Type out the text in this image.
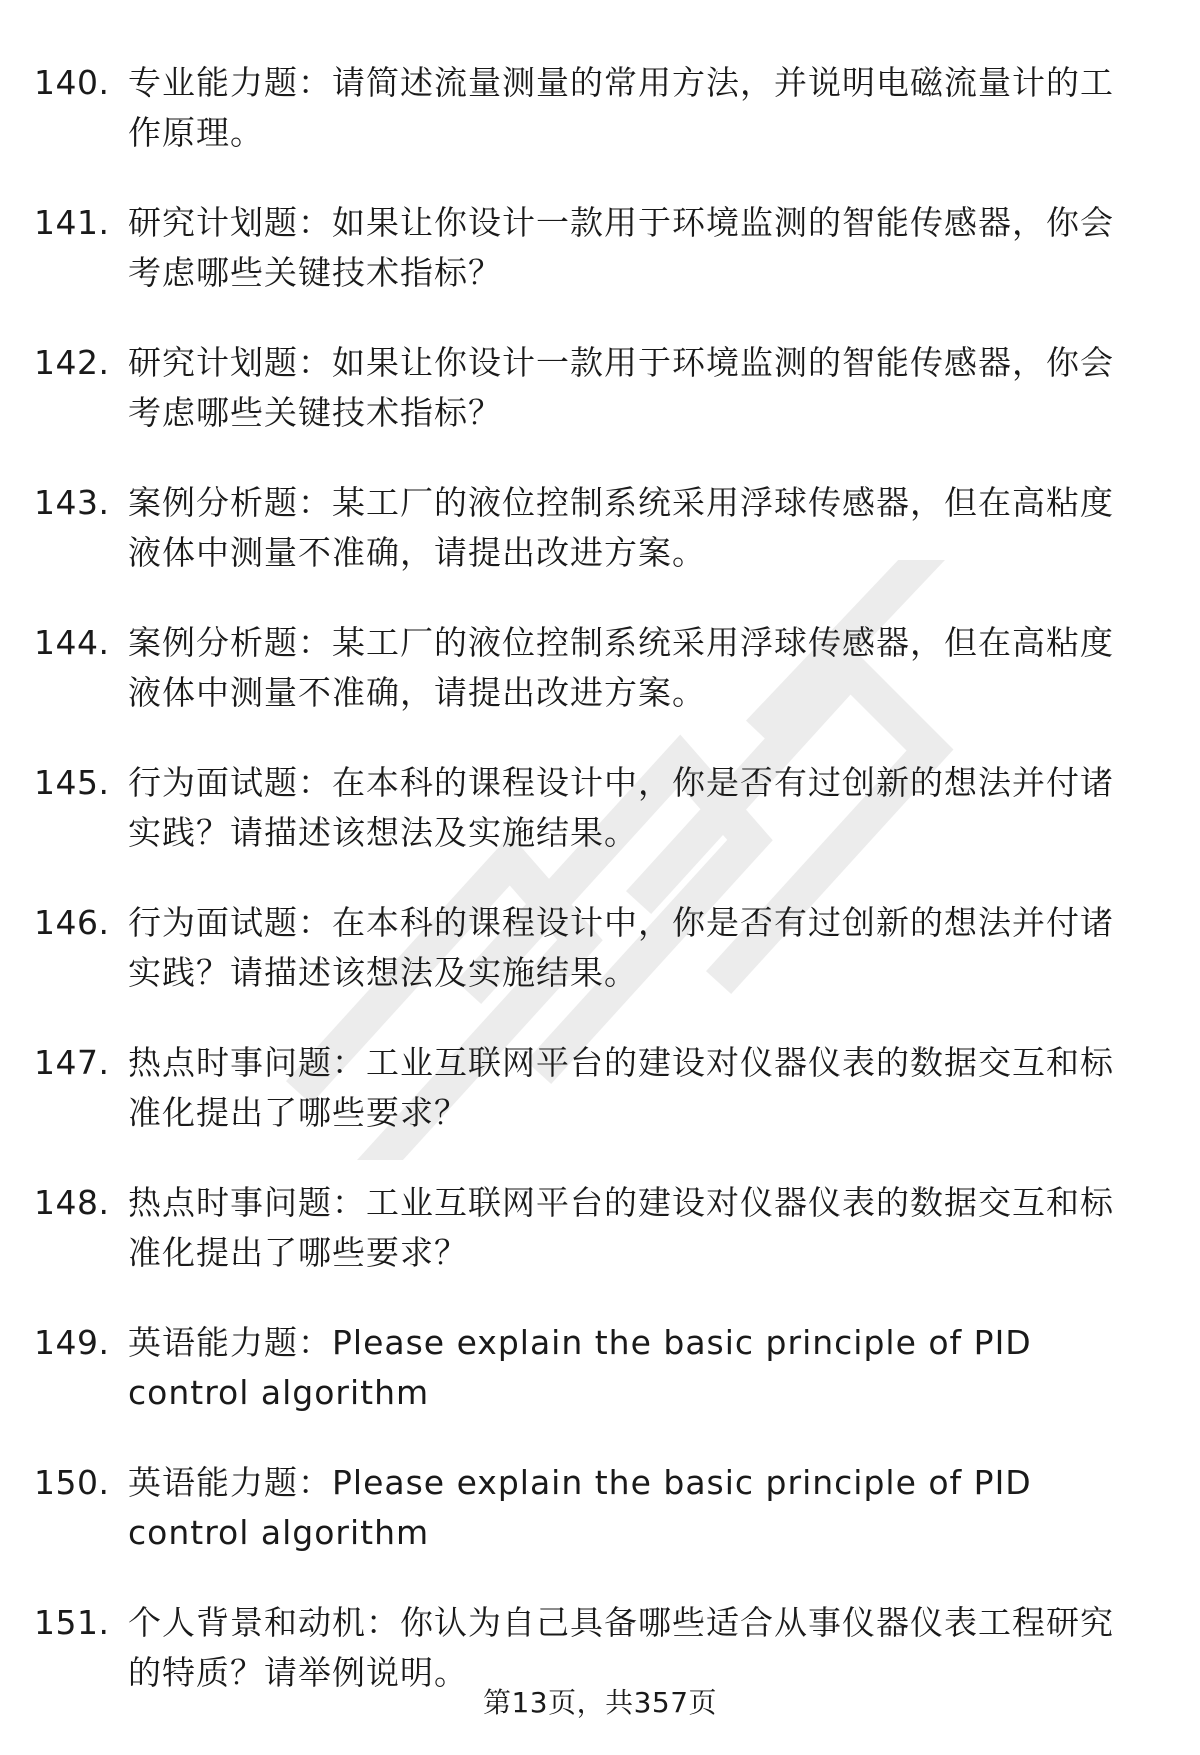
140. 专业能力题：请简述流量测量的常用方法，并说明电磁流量计的工作原理。
141. 研究计划题：如果让你设计一款用于环境监测的智能传感器，你会考虑哪些关键技术指标？
142. 研究计划题：如果让你设计一款用于环境监测的智能传感器，你会考虑哪些关键技术指标？
143. 案例分析题：某工厂的液位控制系统采用浮球传感器，但在高粘度液体中测量不准确，请提出改进方案。
144. 案例分析题：某工厂的液位控制系统采用浮球传感器，但在高粘度液体中测量不准确，请提出改进方案。
145. 行为面试题：在本科的课程设计中，你是否有过创新的想法并付诸实践？请描述该想法及实施结果。
146. 行为面试题：在本科的课程设计中，你是否有过创新的想法并付诸实践？请描述该想法及实施结果。
147. 热点时事问题：工业互联网平台的建设对仪器仪表的数据交互和标准化提出了哪些要求？
148. 热点时事问题：工业互联网平台的建设对仪器仪表的数据交互和标准化提出了哪些要求？
149. 英语能力题：Please explain the basic principle of PID control algorithm
150. 英语能力题：Please explain the basic principle of PID control algorithm
151. 个人背景和动机：你认为自己具备哪些适合从事仪器仪表工程研究的特质？请举例说明。
第13页，共357页
